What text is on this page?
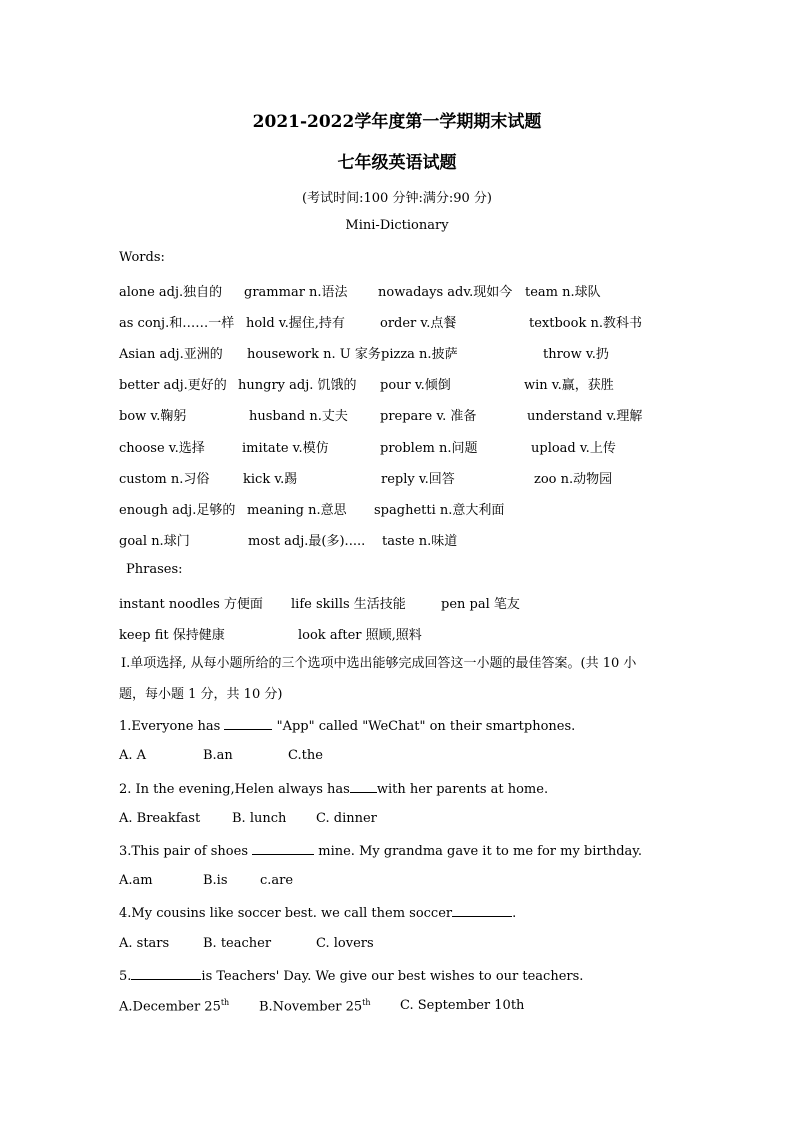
2021-2022学年度第一学期期末试题
七年级英语试题
(考试时间:100 分钟:满分:90 分)
Mini-Dictionary
Words:
alone adj.独自的 grammar n.语法 nowadays adv.现如今 team n.球队
as conj.和……一样 hold v.握住,持有	order v.点餐	textbook n.教科书
Asian adj.亚洲的 housework n. U 家务 pizza n.披萨	throw v.扔
better adj.更好的 hungry adj. 饥饿的 pour v.倾倒	win v.赢，获胜
bow v.鞠躬	husband n.丈夫 prepare v. 准备	understand v.理解
choose v.选择	imitate v.模仿	problem n.问题	upload v.上传
custom n.习俗	kick v.踢	reply v.回答	zoo n.动物园
enough adj.足够的 meaning n.意思 spaghetti n.意大利面
goal n.球门	most adj.最(多)..... taste n.味道
Phrases:
instant noodles 方便面 life skills 生活技能	pen pal 笔友
keep fit 保持健康	look after 照顾,照料
Ⅰ.单项选择, 从每小题所给的三个选项中选出能够完成回答这一小题的最佳答案。(共 10 小
题，每小题 1 分，共 10 分)
1.Everyone has	"App" called "WeChat" on their smartphones.
A. A	B.an	C.the
2. In the evening,Helen always has with her parents at home.
A. Breakfast B. lunch C. dinner
3.This pair of shoes	mine. My grandma gave it to me for my birthday.
A.am	B.is c.are
4.My cousins like soccer best. we call them soccer	.
A. stars	B. teacher	C. lovers
5.	is Teachers' Day. We give our best wishes to our teachers.
A.December 25th B.November 25th C. September 10th
